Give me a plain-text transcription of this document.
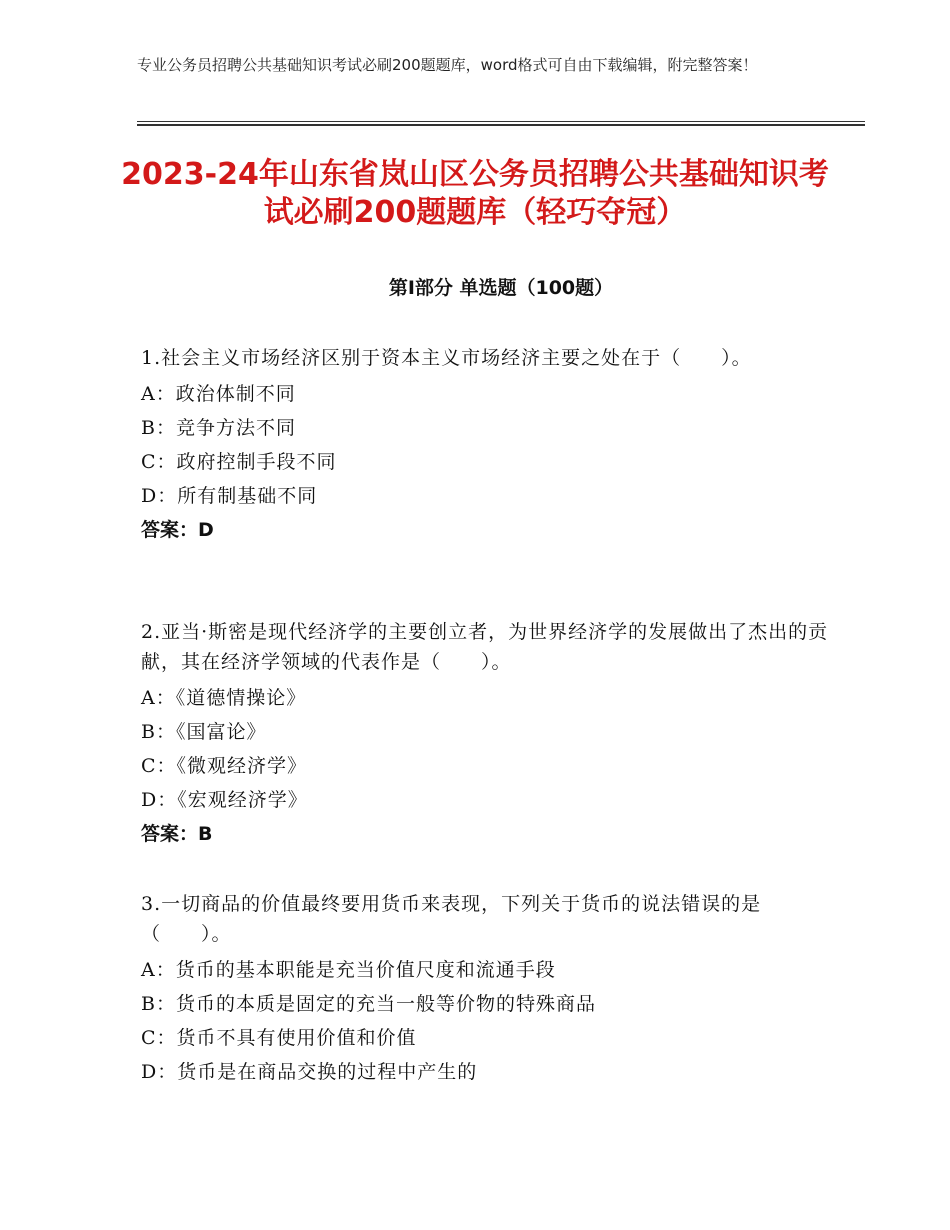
专业公务员招聘公共基础知识考试必刷200题题库，word格式可自由下载编辑，附完整答案！
2023-24年山东省岚山区公务员招聘公共基础知识考试必刷200题题库（轻巧夺冠）
第Ⅰ部分 单选题（100题）

1.社会主义市场经济区别于资本主义市场经济主要之处在于（　　）。

A：政治体制不同

B：竞争方法不同

C：政府控制手段不同

D：所有制基础不同

答案：D

2.亚当·斯密是现代经济学的主要创立者，为世界经济学的发展做出了杰出的贡献，其在经济学领域的代表作是（　　）。

A：《道德情操论》

B：《国富论》

C：《微观经济学》

D：《宏观经济学》

答案：B

3.一切商品的价值最终要用货币来表现，下列关于货币的说法错误的是（　　）。

A：货币的基本职能是充当价值尺度和流通手段

B：货币的本质是固定的充当一般等价物的特殊商品

C：货币不具有使用价值和价值

D：货币是在商品交换的过程中产生的
